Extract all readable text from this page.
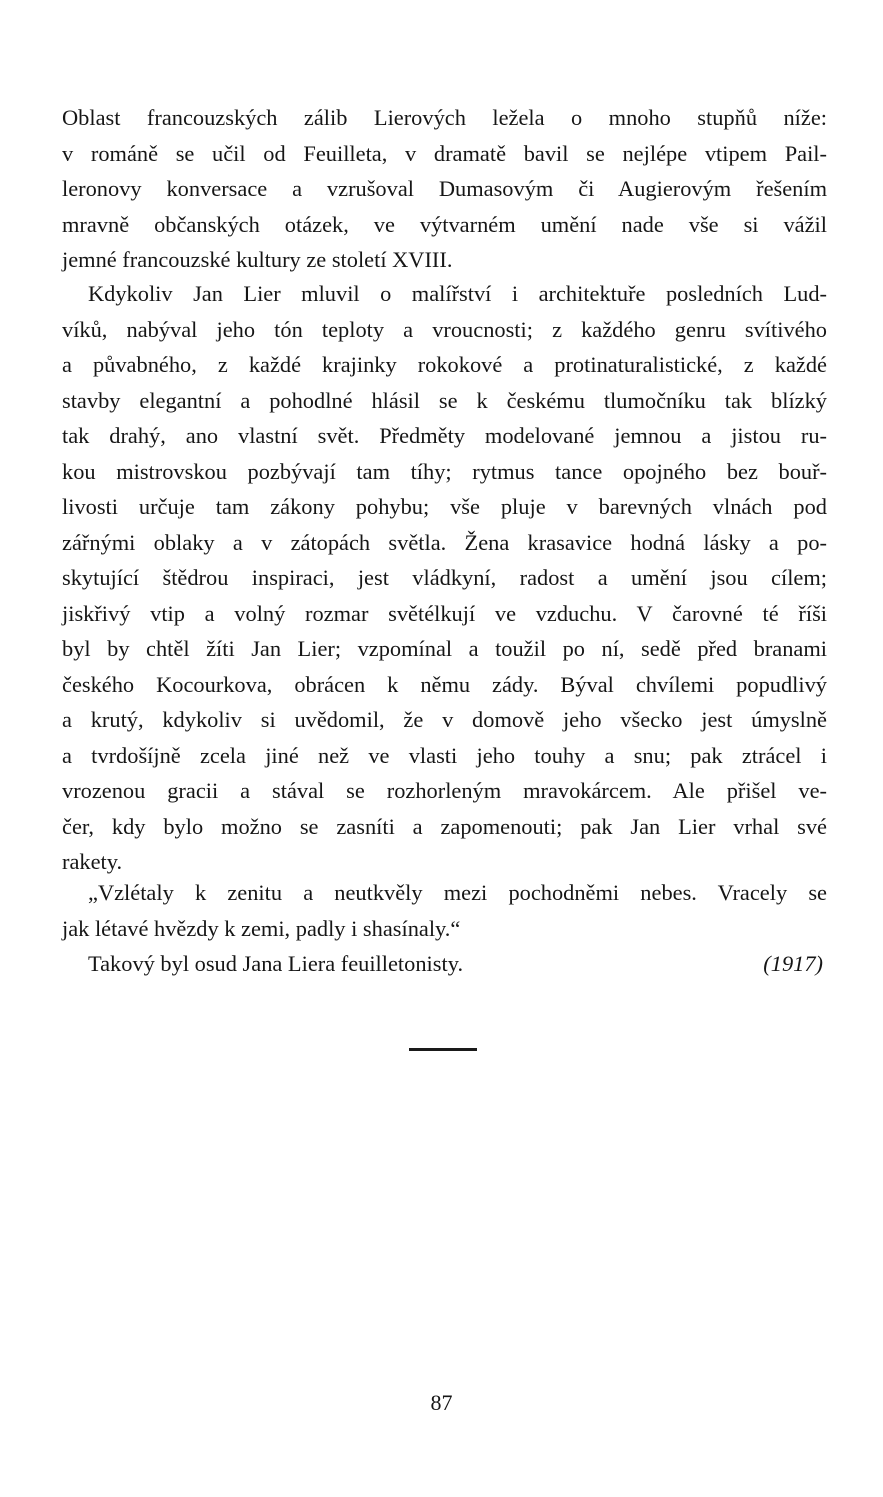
Oblast francouzských zálib Lierových ležela o mnoho stupňů níže:
v románě se učil od Feuilleta, v dramatě bavil se nejlépe vtipem Pail-
leronovy konversace a vzrušoval Dumasovým či Augierovým řešením
mravně občanských otázek, ve výtvarném umění nade vše si vážil
jemné francouzské kultury ze století XVIII.
Kdykoliv Jan Lier mluvil o malířství i architektuře posledních Lud-
víků, nabýval jeho tón teploty a vroucnosti; z každého genru svítivého
a půvabného, z každé krajinky rokokové a protinaturalistické, z každé
stavby elegantní a pohodlné hlásil se k českému tlumočníku tak blízký
tak drahý, ano vlastní svět. Předměty modelované jemnou a jistou ru-
kou mistrovskou pozbývají tam tíhy; rytmus tance opojného bez bouř-
livosti určuje tam zákony pohybu; vše pluje v barevných vlnách pod
zářnými oblaky a v zátopách světla. Žena krasavice hodná lásky a po-
skytující štědrou inspiraci, jest vládkyní, radost a umění jsou cílem;
jiskřivý vtip a volný rozmar světélkují ve vzduchu. V čarovné té říši
byl by chtěl žíti Jan Lier; vzpomínal a toužil po ní, sedě před branami
českého Kocourkova, obrácen k němu zády. Býval chvílemi popudlivý
a krutý, kdykoliv si uvědomil, že v domově jeho všecko jest úmyslně
a tvrdošíjně zcela jiné než ve vlasti jeho touhy a snu; pak ztrácel i
vrozenou gracii a stával se rozhorleným mravokárcem. Ale přišel ve-
čer, kdy bylo možno se zasníti a zapomenouti; pak Jan Lier vrhal své
rakety.
„Vzlétaly k zenitu a neutkvěly mezi pochodněmi nebes. Vracely se
jak létavé hvězdy k zemi, padly i shasínaly.“
Takový byl osud Jana Liera feuilletonisty.	(1917)
87
